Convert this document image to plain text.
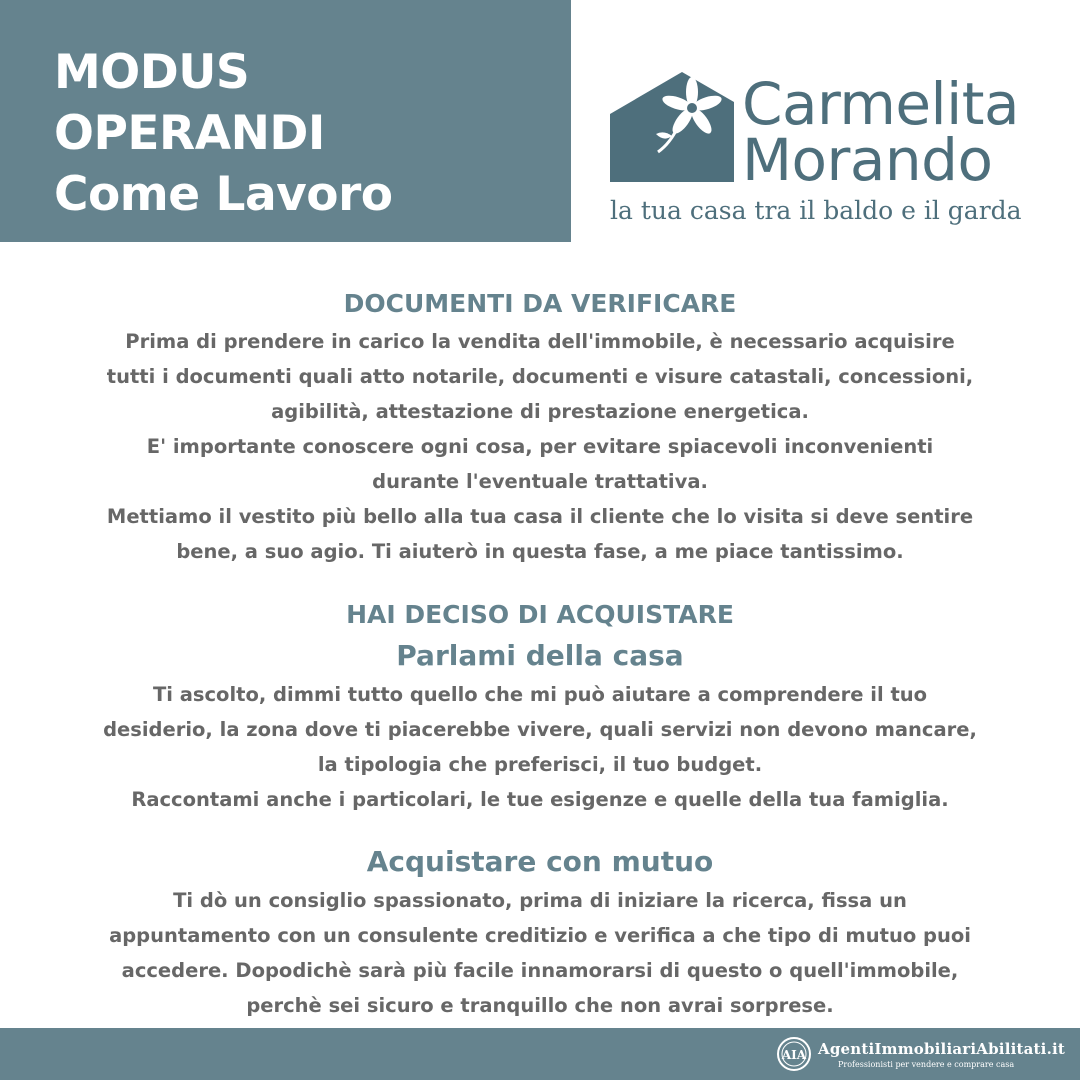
MODUS
OPERANDI
Come Lavoro
Carmelita
Morando
la tua casa tra il baldo e il garda
DOCUMENTI DA VERIFICARE

Prima di prendere in carico la vendita dell'immobile, è necessario acquisire

tutti i documenti quali atto notarile, documenti e visure catastali, concessioni,

agibilità, attestazione di prestazione energetica.

E' importante conoscere ogni cosa, per evitare spiacevoli inconvenienti

durante l'eventuale trattativa.

Mettiamo il vestito più bello alla tua casa il cliente che lo visita si deve sentire

bene, a suo agio. Ti aiuterò in questa fase, a me piace tantissimo.

HAI DECISO DI ACQUISTARE
Parlami della casa

Ti ascolto, dimmi tutto quello che mi può aiutare a comprendere il tuo

desiderio, la zona dove ti piacerebbe vivere, quali servizi non devono mancare,

la tipologia che preferisci, il tuo budget.

Raccontami anche i particolari, le tue esigenze e quelle della tua famiglia.

Acquistare con mutuo

Ti dò un consiglio spassionato, prima di iniziare la ricerca, fissa un

appuntamento con un consulente creditizio e verifica a che tipo di mutuo puoi

accedere. Dopodichè sarà più facile innamorarsi di questo o quell'immobile,

perchè sei sicuro e tranquillo che non avrai sorprese.

AIA AgentiImmobiliariAbilitati.it
Professionisti per vendere e comprare casa
